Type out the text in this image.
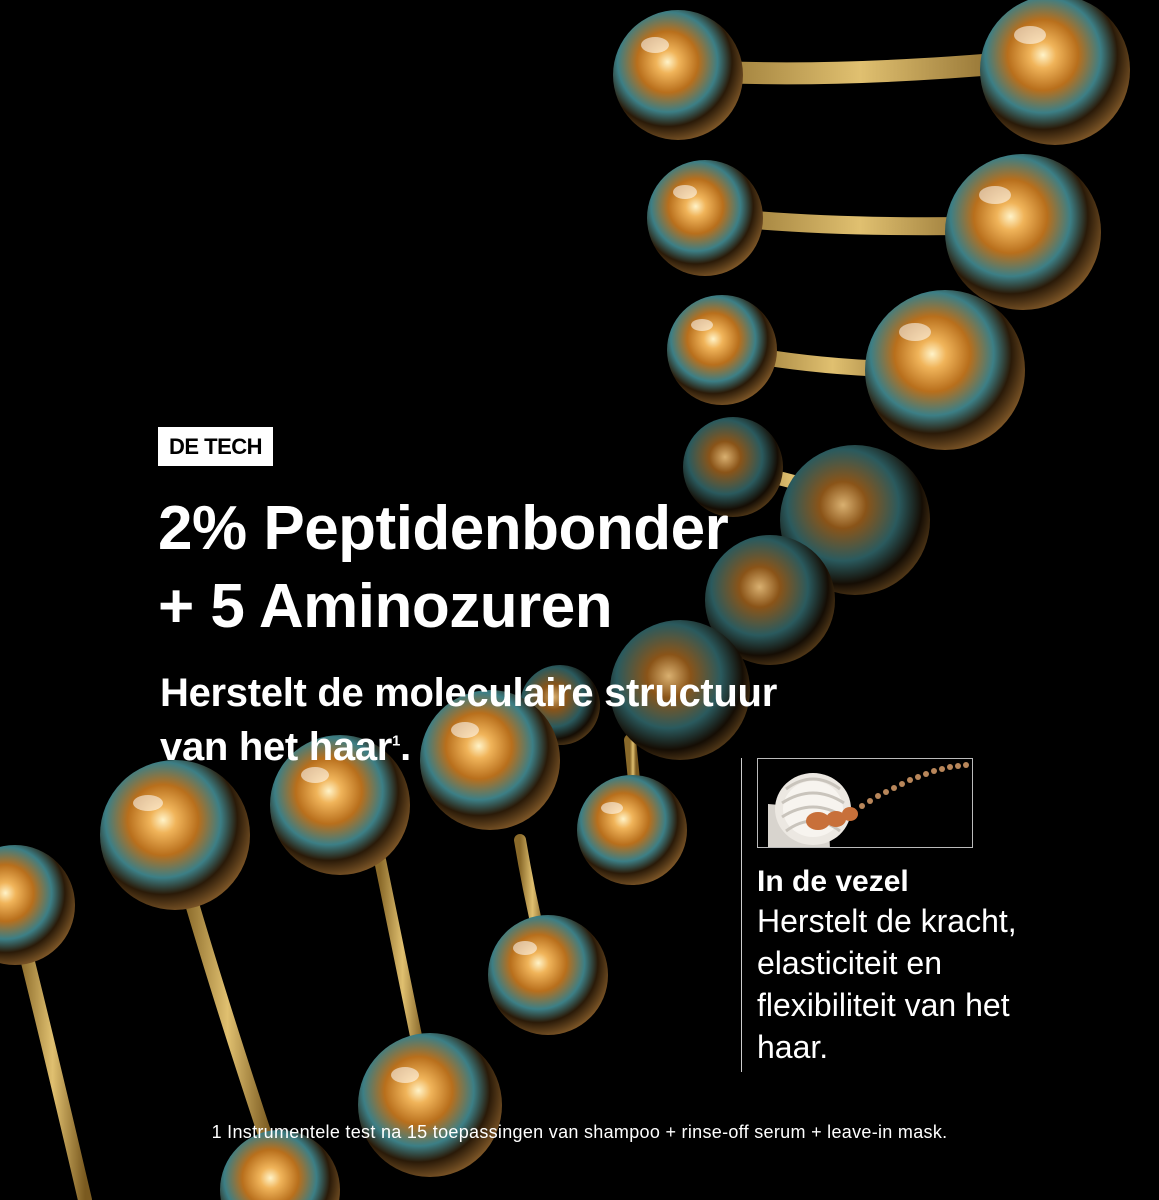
DE TECH
2% Peptidenbonder
+ 5 Aminozuren
Herstelt de moleculaire structuur
van het haar$^1$.

In de vezel

Herstelt de kracht,
elasticiteit en
flexibiliteit van het
haar.
1 Instrumentele test na 15 toepassingen van shampoo + rinse-off serum + leave-in mask.
